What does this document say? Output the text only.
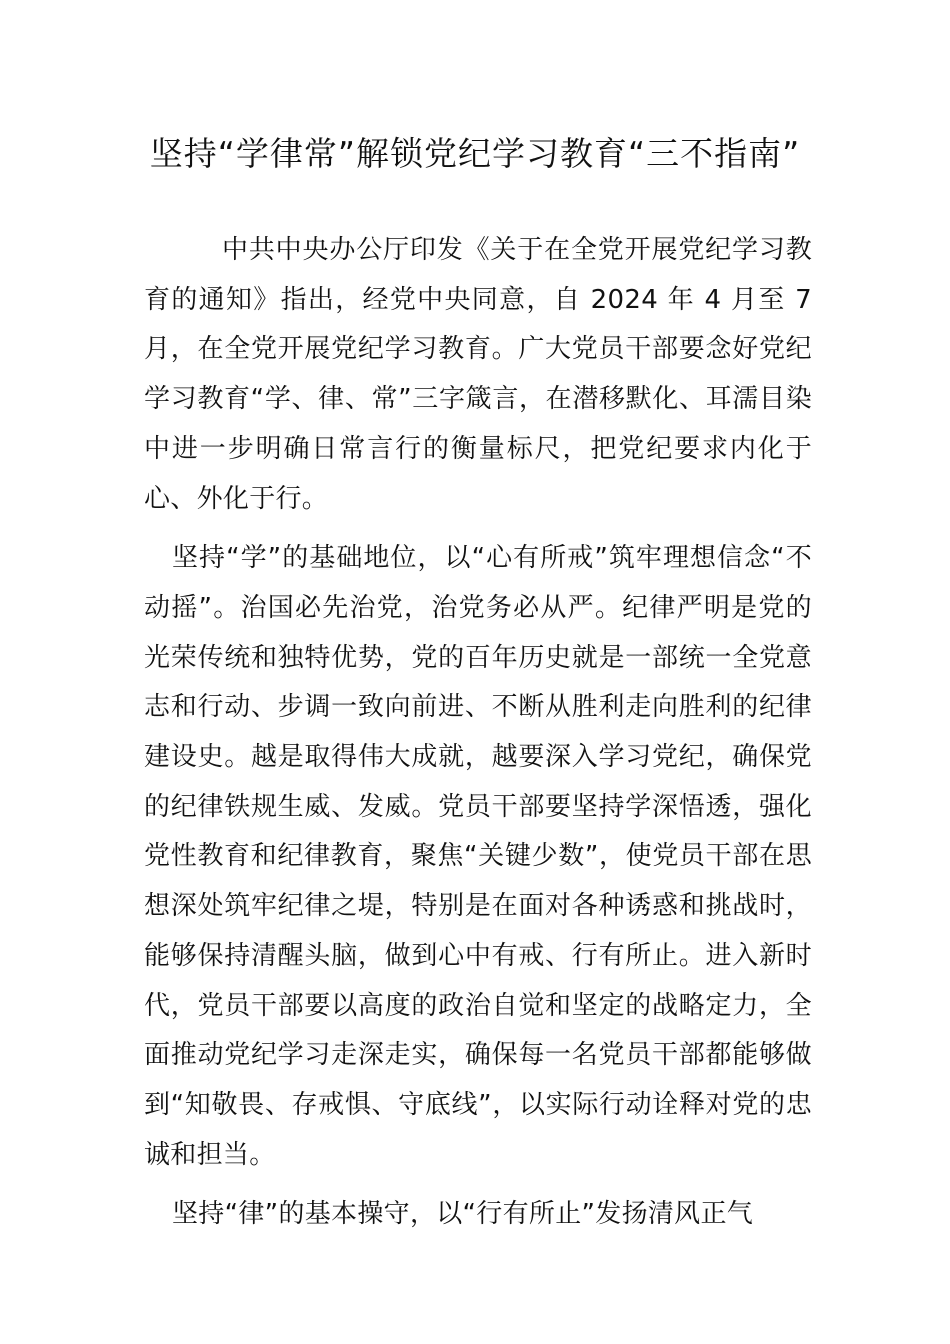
坚持“学律常”解锁党纪学习教育“三不指南”

中共中央办公厅印发《关于在全党开展党纪学习教育的通知》指出，经党中央同意，自 2024 年 4 月至 7 月，在全党开展党纪学习教育。广大党员干部要念好党纪学习教育“学、律、常”三字箴言，在潜移默化、耳濡目染中进一步明确日常言行的衡量标尺，把党纪要求内化于心、外化于行。

坚持“学”的基础地位，以“心有所戒”筑牢理想信念“不动摇”。治国必先治党，治党务必从严。纪律严明是党的光荣传统和独特优势，党的百年历史就是一部统一全党意志和行动、步调一致向前进、不断从胜利走向胜利的纪律建设史。越是取得伟大成就，越要深入学习党纪，确保党的纪律铁规生威、发威。党员干部要坚持学深悟透，强化党性教育和纪律教育，聚焦“关键少数”，使党员干部在思想深处筑牢纪律之堤，特别是在面对各种诱惑和挑战时，能够保持清醒头脑，做到心中有戒、行有所止。进入新时代，党员干部要以高度的政治自觉和坚定的战略定力，全面推动党纪学习走深走实，确保每一名党员干部都能够做到“知敬畏、存戒惧、守底线”，以实际行动诠释对党的忠诚和担当。

坚持“律”的基本操守，以“行有所止”发扬清风正气
